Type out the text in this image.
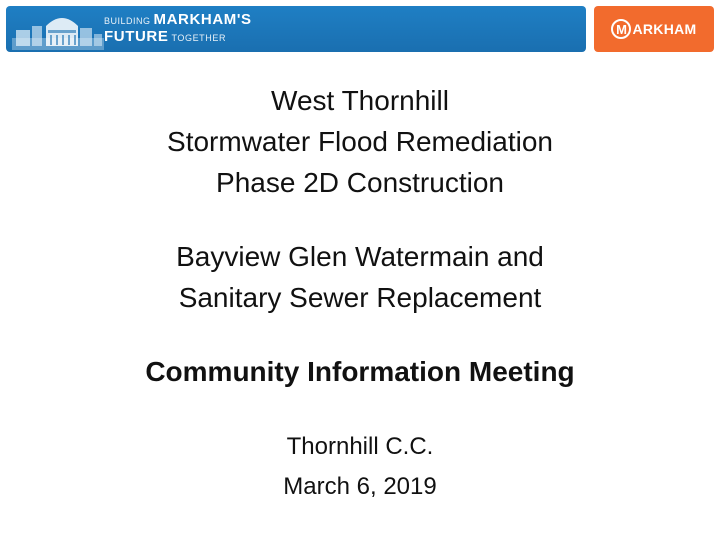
BUILDING MARKHAM'S
FUTURE TOGETHER
M ARKHAM
West Thornhill
Stormwater Flood Remediation
Phase 2D Construction
Bayview Glen Watermain and
Sanitary Sewer Replacement
Community Information Meeting
Thornhill C.C.
March 6, 2019
